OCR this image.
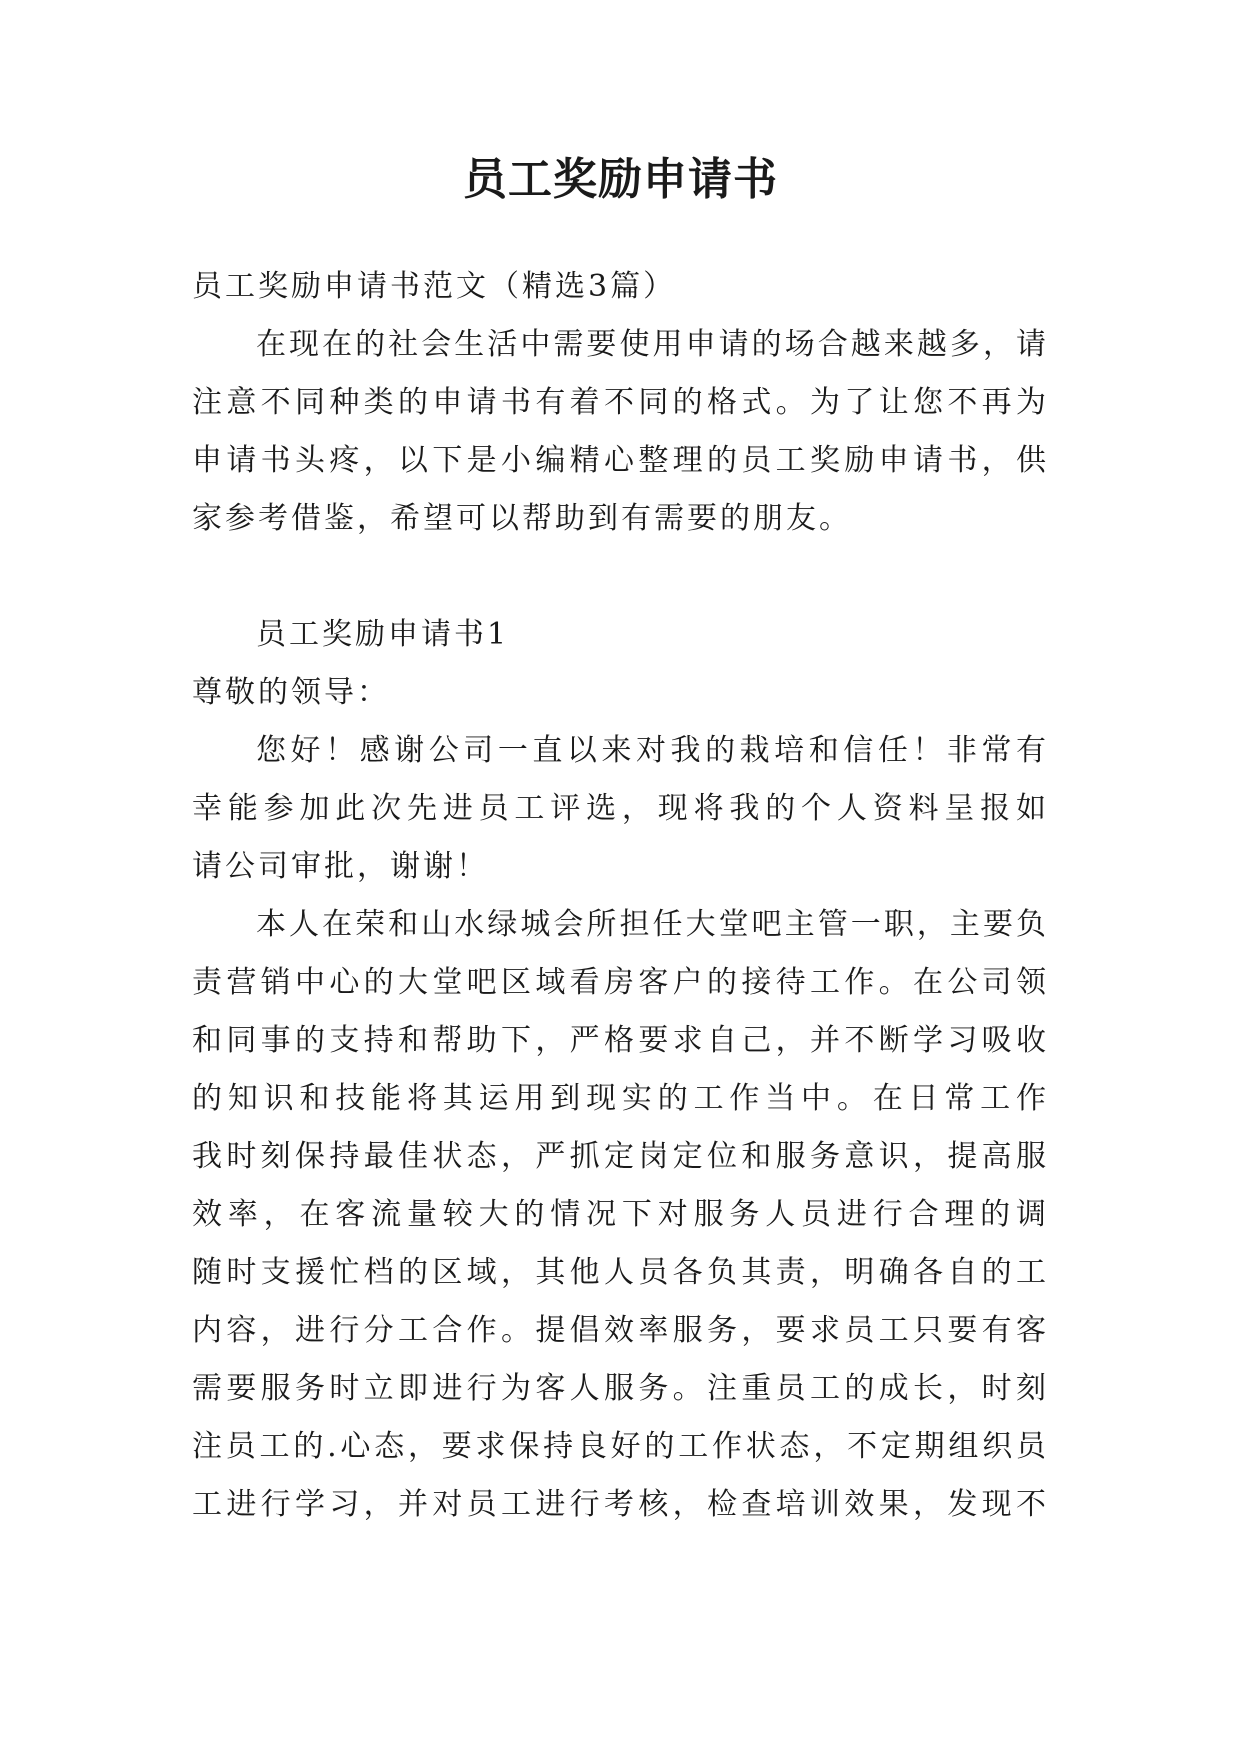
员工奖励申请书
员工奖励申请书范文（精选3篇）
在现在的社会生活中需要使用申请的场合越来越多，请
注意不同种类的申请书有着不同的格式。为了让您不再为
申请书头疼，以下是小编精心整理的员工奖励申请书，供
家参考借鉴，希望可以帮助到有需要的朋友。
员工奖励申请书1
尊敬的领导：
您好！感谢公司一直以来对我的栽培和信任！非常有
幸能参加此次先进员工评选，现将我的个人资料呈报如
请公司审批，谢谢！
本人在荣和山水绿城会所担任大堂吧主管一职，主要负
责营销中心的大堂吧区域看房客户的接待工作。在公司领
和同事的支持和帮助下，严格要求自己，并不断学习吸收
的知识和技能将其运用到现实的工作当中。在日常工作
我时刻保持最佳状态，严抓定岗定位和服务意识，提高服
效率，在客流量较大的情况下对服务人员进行合理的调
随时支援忙档的区域，其他人员各负其责，明确各自的工
内容，进行分工合作。提倡效率服务，要求员工只要有客
需要服务时立即进行为客人服务。注重员工的成长，时刻
注员工的.心态，要求保持良好的工作状态，不定期组织员
工进行学习，并对员工进行考核，检查培训效果，发现不
